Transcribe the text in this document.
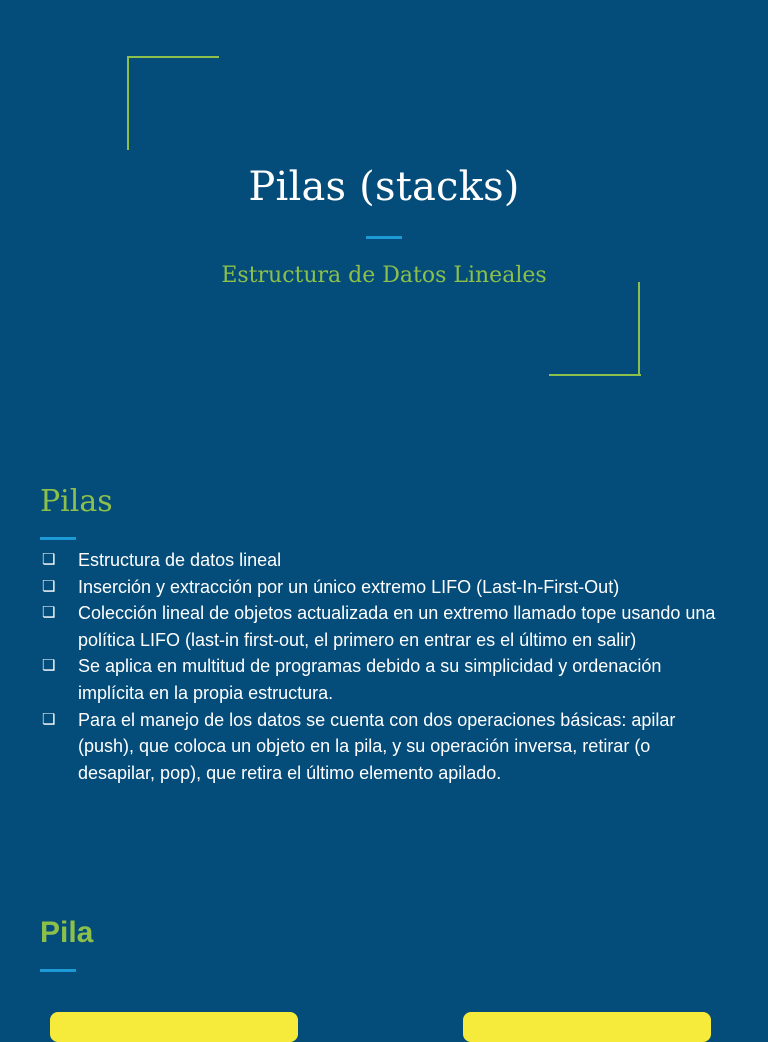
Pilas (stacks)
Estructura de Datos Lineales
Pilas
❏ Estructura de datos lineal
❏ Inserción y extracción por un único extremo LIFO (Last-In-First-Out)
❏ Colección lineal de objetos actualizada en un extremo llamado tope usando una política LIFO (last-in first-out, el primero en entrar es el último en salir)
❏ Se aplica en multitud de programas debido a su simplicidad y ordenación implícita en la propia estructura.
❏ Para el manejo de los datos se cuenta con dos operaciones básicas: apilar (push), que coloca un objeto en la pila, y su operación inversa, retirar (o desapilar, pop), que retira el último elemento apilado.
Pila
